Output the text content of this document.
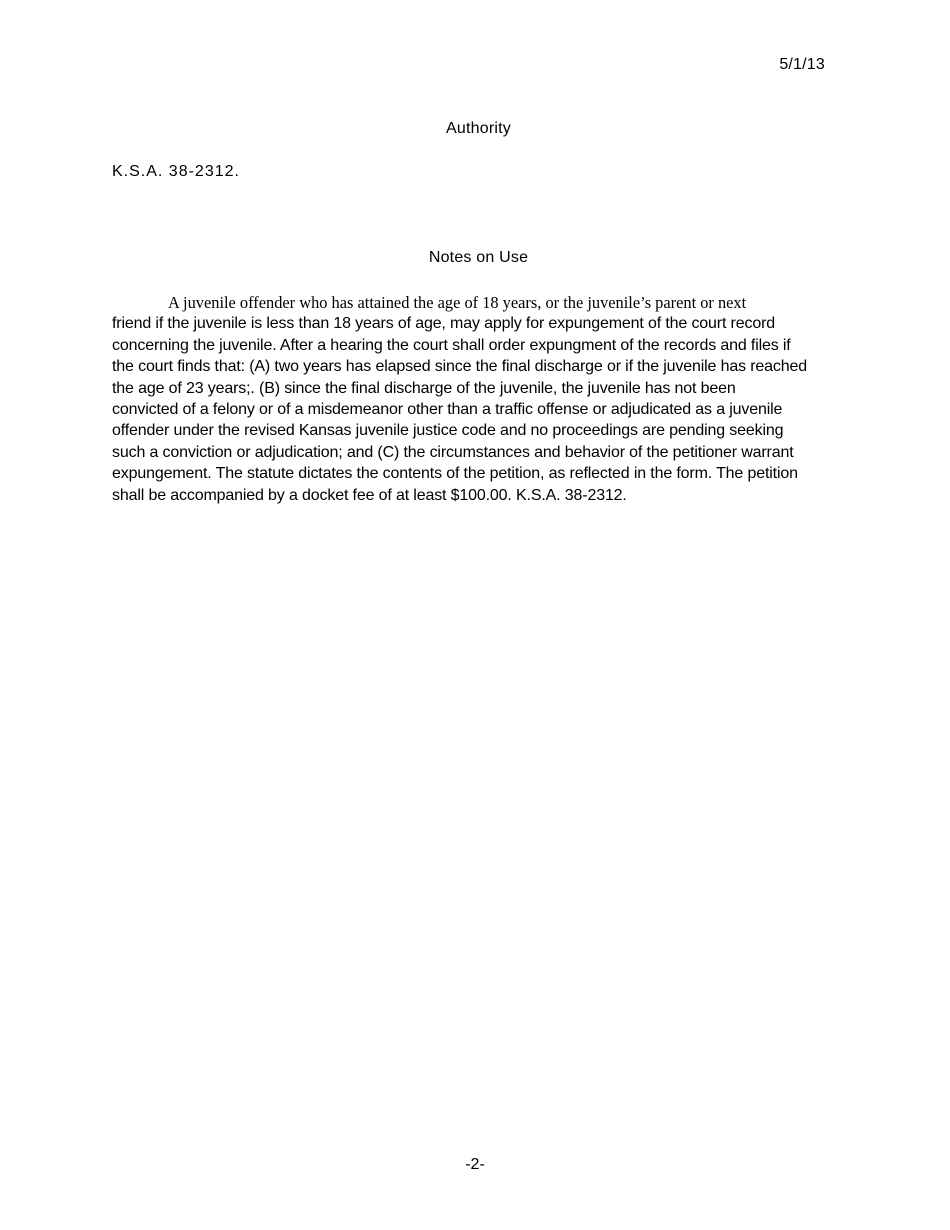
5/1/13
Authority
K.S.A. 38-2312.
Notes on Use
A juvenile offender who has attained the age of 18 years, or the juvenile’s parent or next
friend if the juvenile is less than 18 years of age, may apply for expungement of the court record
concerning the juvenile. After a hearing the court shall order expungment of the records and files if
the court finds that: (A) two years has elapsed since the final discharge or if the juvenile has reached
the age of 23 years;. (B) since the final discharge of the juvenile, the juvenile has not been
convicted of a felony or of a misdemeanor other than a traffic offense or adjudicated as a juvenile
offender under the revised Kansas juvenile justice code and no proceedings are pending seeking
such a conviction or adjudication; and (C) the circumstances and behavior of the petitioner warrant
expungement. The statute dictates the contents of the petition, as reflected in the form. The petition
shall be accompanied by a docket fee of at least $100.00. K.S.A. 38-2312.
-2-
